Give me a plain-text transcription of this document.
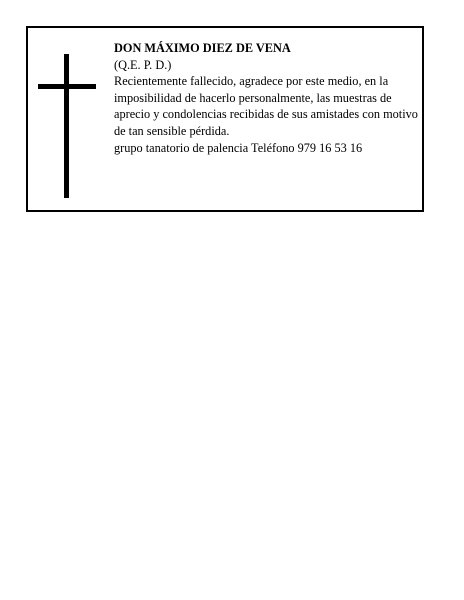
DON MÁXIMO DIEZ DE VENA

(Q.E. P. D.)

Recientemente fallecido, agradece por este medio, en la imposibilidad de hacerlo personalmente, las muestras de aprecio y condolencias recibidas de sus amistades con motivo de tan sensible pérdida.

grupo tanatorio de palencia Teléfono 979 16 53 16
